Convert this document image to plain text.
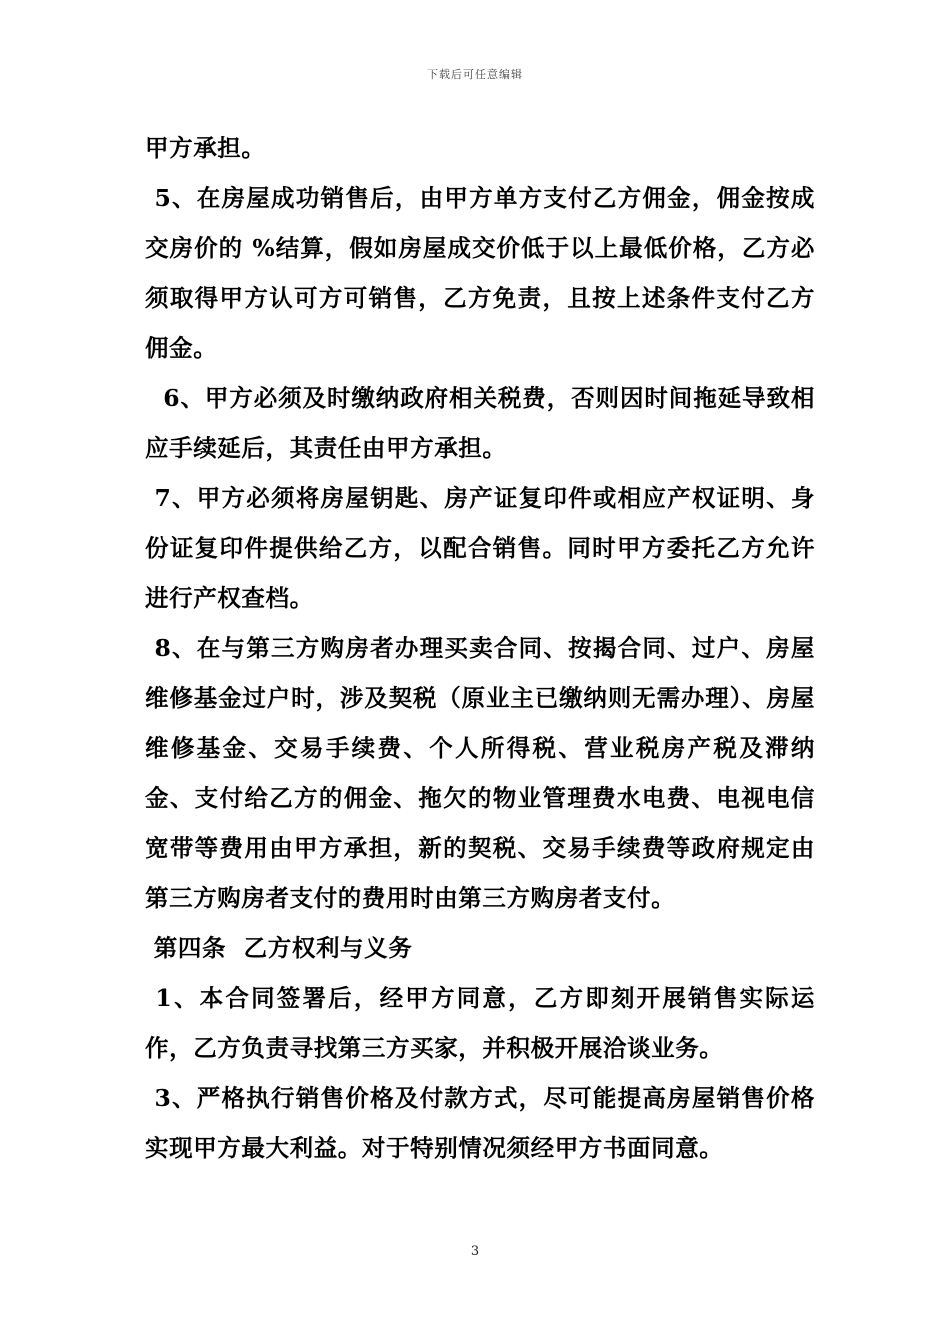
下载后可任意编辑

甲方承担。

5、在房屋成功销售后，由甲方单方支付乙方佣金，佣金按成交房价的 %结算，假如房屋成交价低于以上最低价格，乙方必须取得甲方认可方可销售，乙方免责，且按上述条件支付乙方佣金。

6、甲方必须及时缴纳政府相关税费，否则因时间拖延导致相应手续延后，其责任由甲方承担。

7、甲方必须将房屋钥匙、房产证复印件或相应产权证明、身份证复印件提供给乙方，以配合销售。同时甲方委托乙方允许进行产权查档。

8、在与第三方购房者办理买卖合同、按揭合同、过户、房屋维修基金过户时，涉及契税（原业主已缴纳则无需办理）、房屋维修基金、交易手续费、个人所得税、营业税房产税及滞纳金、支付给乙方的佣金、拖欠的物业管理费水电费、电视电信宽带等费用由甲方承担，新的契税、交易手续费等政府规定由第三方购房者支付的费用时由第三方购房者支付。

第四条  乙方权利与义务

1、本合同签署后，经甲方同意，乙方即刻开展销售实际运作，乙方负责寻找第三方买家，并积极开展洽谈业务。

3、严格执行销售价格及付款方式，尽可能提高房屋销售价格实现甲方最大利益。对于特别情况须经甲方书面同意。

3
